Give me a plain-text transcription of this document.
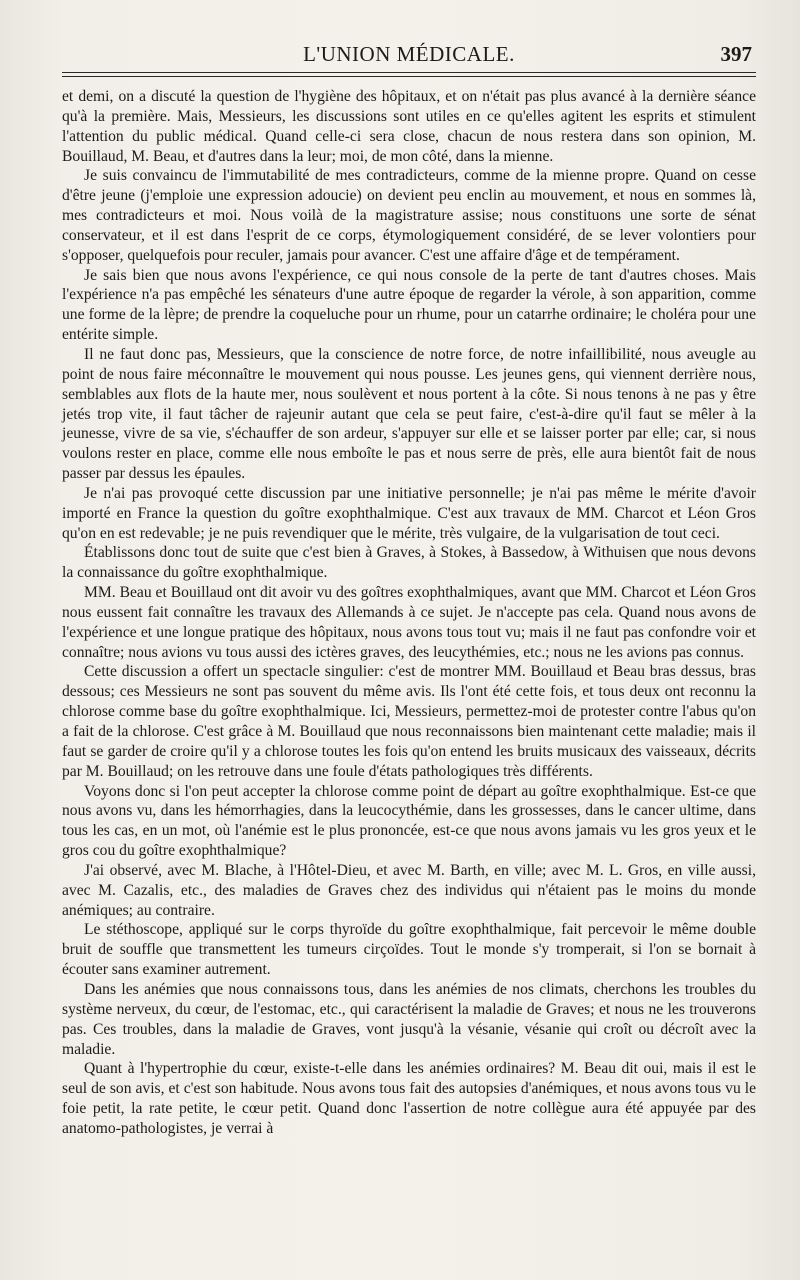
L'UNION MÉDICALE.	397

et demi, on a discuté la question de l'hygiène des hôpitaux, et on n'était pas plus avancé à la dernière séance qu'à la première. Mais, Messieurs, les discussions sont utiles en ce qu'elles agitent les esprits et stimulent l'attention du public médical. Quand celle-ci sera close, chacun de nous restera dans son opinion, M. Bouillaud, M. Beau, et d'autres dans la leur; moi, de mon côté, dans la mienne.

Je suis convaincu de l'immutabilité de mes contradicteurs, comme de la mienne propre. Quand on cesse d'être jeune (j'emploie une expression adoucie) on devient peu enclin au mouvement, et nous en sommes là, mes contradicteurs et moi. Nous voilà de la magistrature assise; nous constituons une sorte de sénat conservateur, et il est dans l'esprit de ce corps, étymologiquement considéré, de se lever volontiers pour s'opposer, quelquefois pour reculer, jamais pour avancer. C'est une affaire d'âge et de tempérament.

Je sais bien que nous avons l'expérience, ce qui nous console de la perte de tant d'autres choses. Mais l'expérience n'a pas empêché les sénateurs d'une autre époque de regarder la vérole, à son apparition, comme une forme de la lèpre; de prendre la coqueluche pour un rhume, pour un catarrhe ordinaire; le choléra pour une entérite simple.

Il ne faut donc pas, Messieurs, que la conscience de notre force, de notre infaillibilité, nous aveugle au point de nous faire méconnaître le mouvement qui nous pousse. Les jeunes gens, qui viennent derrière nous, semblables aux flots de la haute mer, nous soulèvent et nous portent à la côte. Si nous tenons à ne pas y être jetés trop vite, il faut tâcher de rajeunir autant que cela se peut faire, c'est-à-dire qu'il faut se mêler à la jeunesse, vivre de sa vie, s'échauffer de son ardeur, s'appuyer sur elle et se laisser porter par elle; car, si nous voulons rester en place, comme elle nous emboîte le pas et nous serre de près, elle aura bientôt fait de nous passer par dessus les épaules.

Je n'ai pas provoqué cette discussion par une initiative personnelle; je n'ai pas même le mérite d'avoir importé en France la question du goître exophthalmique. C'est aux travaux de MM. Charcot et Léon Gros qu'on en est redevable; je ne puis revendiquer que le mérite, très vulgaire, de la vulgarisation de tout ceci.

Établissons donc tout de suite que c'est bien à Graves, à Stokes, à Bassedow, à Withuisen que nous devons la connaissance du goître exophthalmique.

MM. Beau et Bouillaud ont dit avoir vu des goîtres exophthalmiques, avant que MM. Charcot et Léon Gros nous eussent fait connaître les travaux des Allemands à ce sujet. Je n'accepte pas cela. Quand nous avons de l'expérience et une longue pratique des hôpitaux, nous avons tous tout vu; mais il ne faut pas confondre voir et connaître; nous avions vu tous aussi des ictères graves, des leucythémies, etc.; nous ne les avions pas connus.

Cette discussion a offert un spectacle singulier: c'est de montrer MM. Bouillaud et Beau bras dessus, bras dessous; ces Messieurs ne sont pas souvent du même avis. Ils l'ont été cette fois, et tous deux ont reconnu la chlorose comme base du goître exophthalmique. Ici, Messieurs, permettez-moi de protester contre l'abus qu'on a fait de la chlorose. C'est grâce à M. Bouillaud que nous reconnaissons bien maintenant cette maladie; mais il faut se garder de croire qu'il y a chlorose toutes les fois qu'on entend les bruits musicaux des vaisseaux, décrits par M. Bouillaud; on les retrouve dans une foule d'états pathologiques très différents.

Voyons donc si l'on peut accepter la chlorose comme point de départ au goître exophthalmique. Est-ce que nous avons vu, dans les hémorrhagies, dans la leucocythémie, dans les grossesses, dans le cancer ultime, dans tous les cas, en un mot, où l'anémie est le plus prononcée, est-ce que nous avons jamais vu les gros yeux et le gros cou du goître exophthalmique?

J'ai observé, avec M. Blache, à l'Hôtel-Dieu, et avec M. Barth, en ville; avec M. L. Gros, en ville aussi, avec M. Cazalis, etc., des maladies de Graves chez des individus qui n'étaient pas le moins du monde anémiques; au contraire.

Le stéthoscope, appliqué sur le corps thyroïde du goître exophthalmique, fait percevoir le même double bruit de souffle que transmettent les tumeurs cirçoïdes. Tout le monde s'y tromperait, si l'on se bornait à écouter sans examiner autrement.

Dans les anémies que nous connaissons tous, dans les anémies de nos climats, cherchons les troubles du système nerveux, du cœur, de l'estomac, etc., qui caractérisent la maladie de Graves; et nous ne les trouverons pas. Ces troubles, dans la maladie de Graves, vont jusqu'à la vésanie, vésanie qui croît ou décroît avec la maladie.

Quant à l'hypertrophie du cœur, existe-t-elle dans les anémies ordinaires? M. Beau dit oui, mais il est le seul de son avis, et c'est son habitude. Nous avons tous fait des autopsies d'anémiques, et nous avons tous vu le foie petit, la rate petite, le cœur petit. Quand donc l'assertion de notre collègue aura été appuyée par des anatomo-pathologistes, je verrai à
